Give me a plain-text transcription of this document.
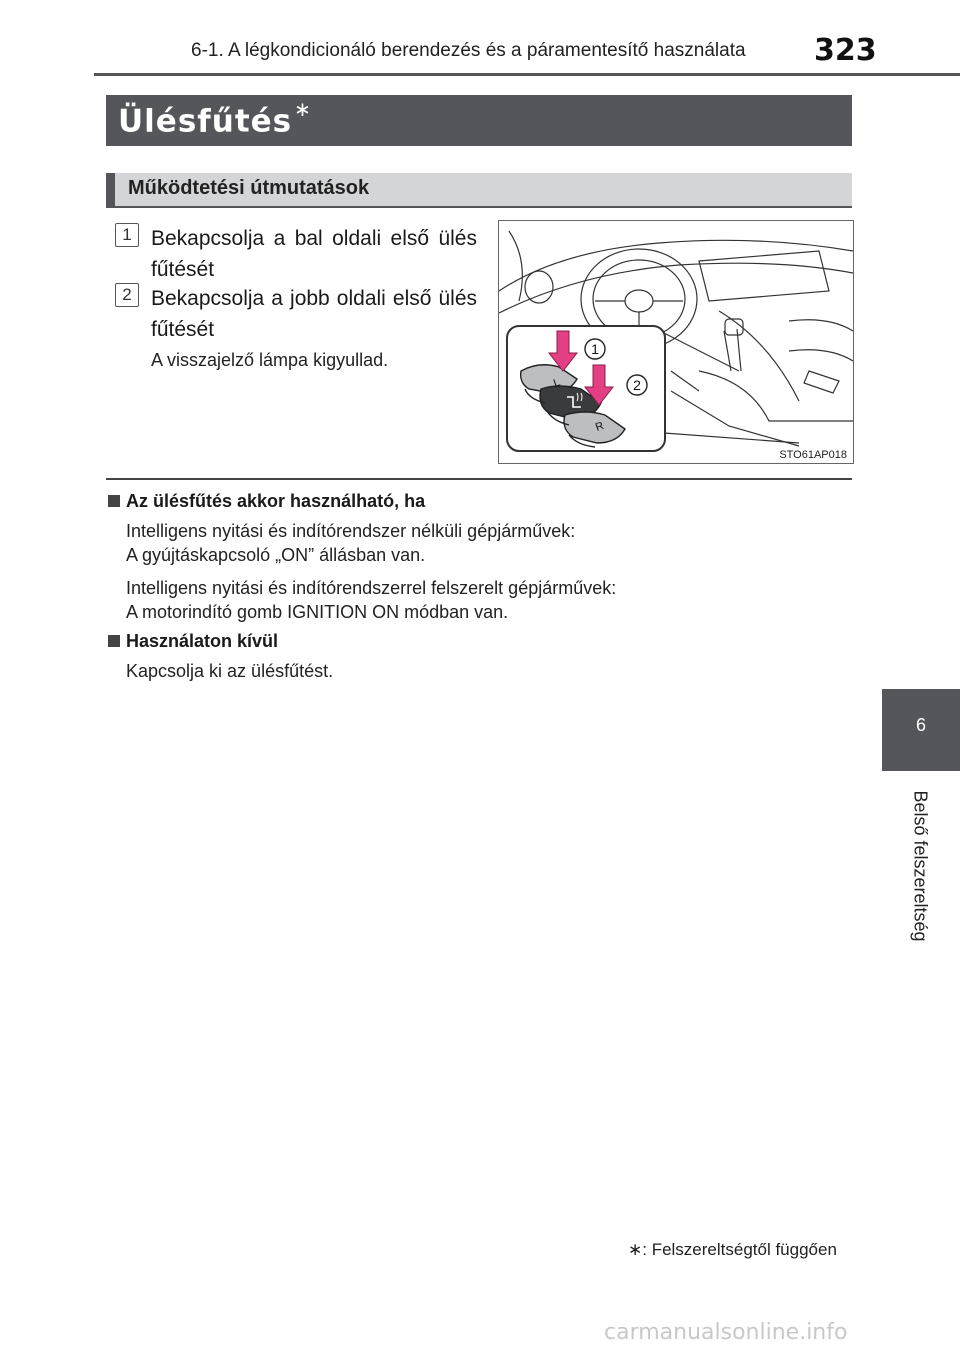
6-1. A légkondicionáló berendezés és a páramentesítő használata 323
Ülésfűtés ∗
Működtetési útmutatások
1 Bekapcsolja a bal oldali első ülés fűtését
2 Bekapcsolja a jobb oldali első ülés fűtését
A visszajelző lámpa kigyullad.
L
R
1
2
STO61AP018
Az ülésfűtés akkor használható, ha
Intelligens nyitási és indítórendszer nélküli gépjárművek:
A gyújtáskapcsoló „ON” állásban van.
Intelligens nyitási és indítórendszerrel felszerelt gépjárművek:
A motorindító gomb IGNITION ON módban van.
Használaton kívül
Kapcsolja ki az ülésfűtést.
6
Belső felszereltség
∗: Felszereltségtől függően
carmanualsonline.info
